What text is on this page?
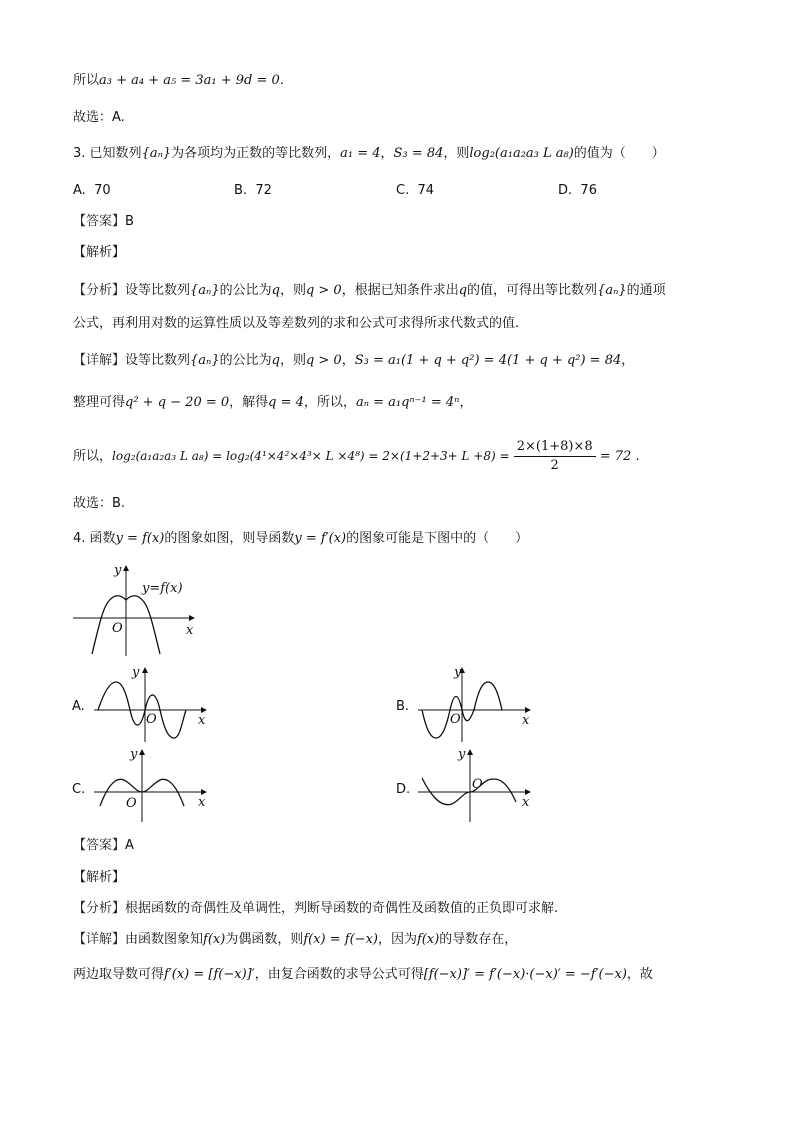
所以a₃ + a₄ + a₅ = 3a₁ + 9d = 0.
故选：A.
3. 已知数列{aₙ}为各项均为正数的等比数列，a₁ = 4，S₃ = 84，则log₂(a₁a₂a₃ L a₈)的值为（　　）
A. 70	B. 72	C. 74	D. 76
【答案】B
【解析】
【分析】设等比数列{aₙ}的公比为q，则q > 0，根据已知条件求出q的值，可得出等比数列{aₙ}的通项
公式，再利用对数的运算性质以及等差数列的求和公式可求得所求代数式的值.
【详解】设等比数列{aₙ}的公比为q，则q > 0，S₃ = a₁(1 + q + q²) = 4(1 + q + q²) = 84，
整理可得q² + q − 20 = 0，解得q = 4，所以，aₙ = a₁qⁿ⁻¹ = 4ⁿ，
所以，log₂(a₁a₂a₃ L $a_8) = \log_2(4^1\times 4^2\times 4^3\times L \times 4^8) = 2\times(1+2+3+ L +8) = \frac{2\times(1+8)\times 8}{2} = 72$ .
故选：B.
4. 函数y = f(x)的图象如图，则导函数y = f′(x)的图象可能是下图中的（　　）
y
y=f(x)
O	x
A.
y
O	x
B.
y
O	x
C.
y
O	x
D.
y
O
x
【答案】A
【解析】
【分析】根据函数的奇偶性及单调性，判断导函数的奇偶性及函数值的正负即可求解.
【详解】由函数图象知f(x)为偶函数，则f(x) = f(−x)，因为f(x)的导数存在，
两边取导数可得f′(x) = [f(−x)]′，由复合函数的求导公式可得[f(−x)]′ = f′(−x)·(−x)′ = −f′(−x)，故
